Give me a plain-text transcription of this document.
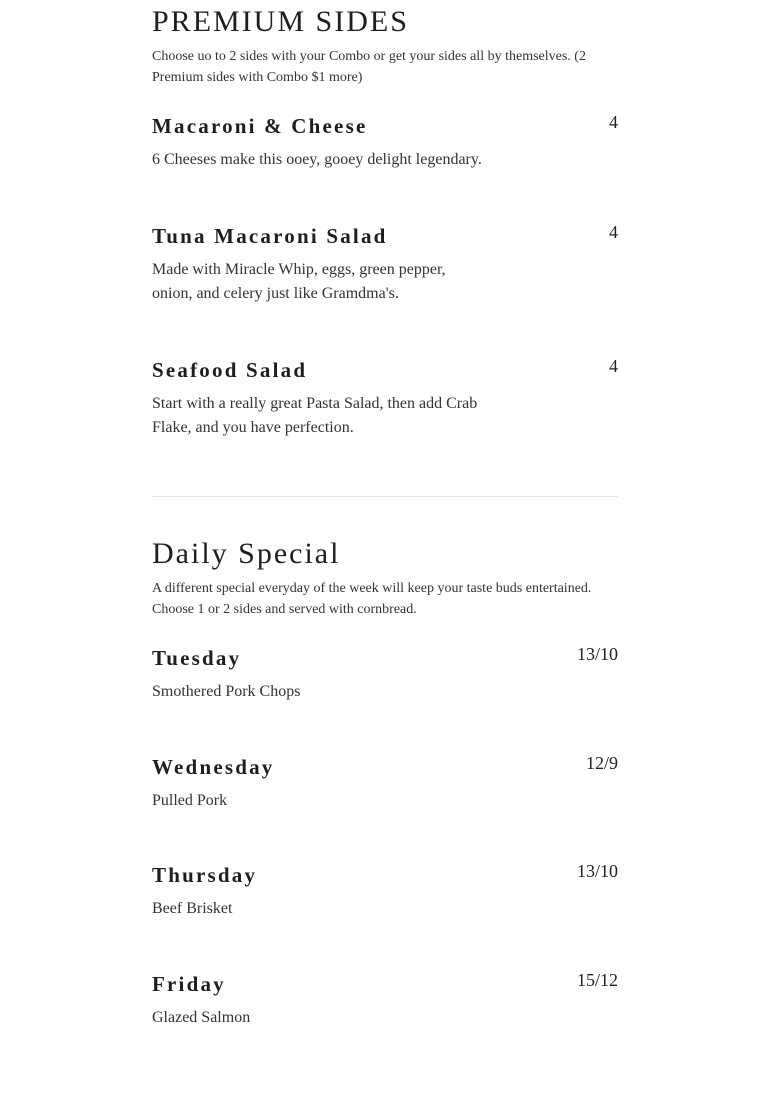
PREMIUM SIDES

Choose uo to 2 sides with your Combo or get your sides all by themselves. (2 Premium sides with Combo $1 more)

Macaroni & Cheese	4

6 Cheeses make this ooey, gooey delight legendary.

Tuna Macaroni Salad	4

Made with Miracle Whip, eggs, green pepper, onion, and celery just like Gramdma's.

Seafood Salad	4

Start with a really great Pasta Salad, then add Crab Flake, and you have perfection.

Daily Special

A different special everyday of the week will keep your taste buds entertained. Choose 1 or 2 sides and served with cornbread.

Tuesday	13/10

Smothered Pork Chops

Wednesday	12/9

Pulled Pork

Thursday	13/10

Beef Brisket

Friday	15/12

Glazed Salmon
